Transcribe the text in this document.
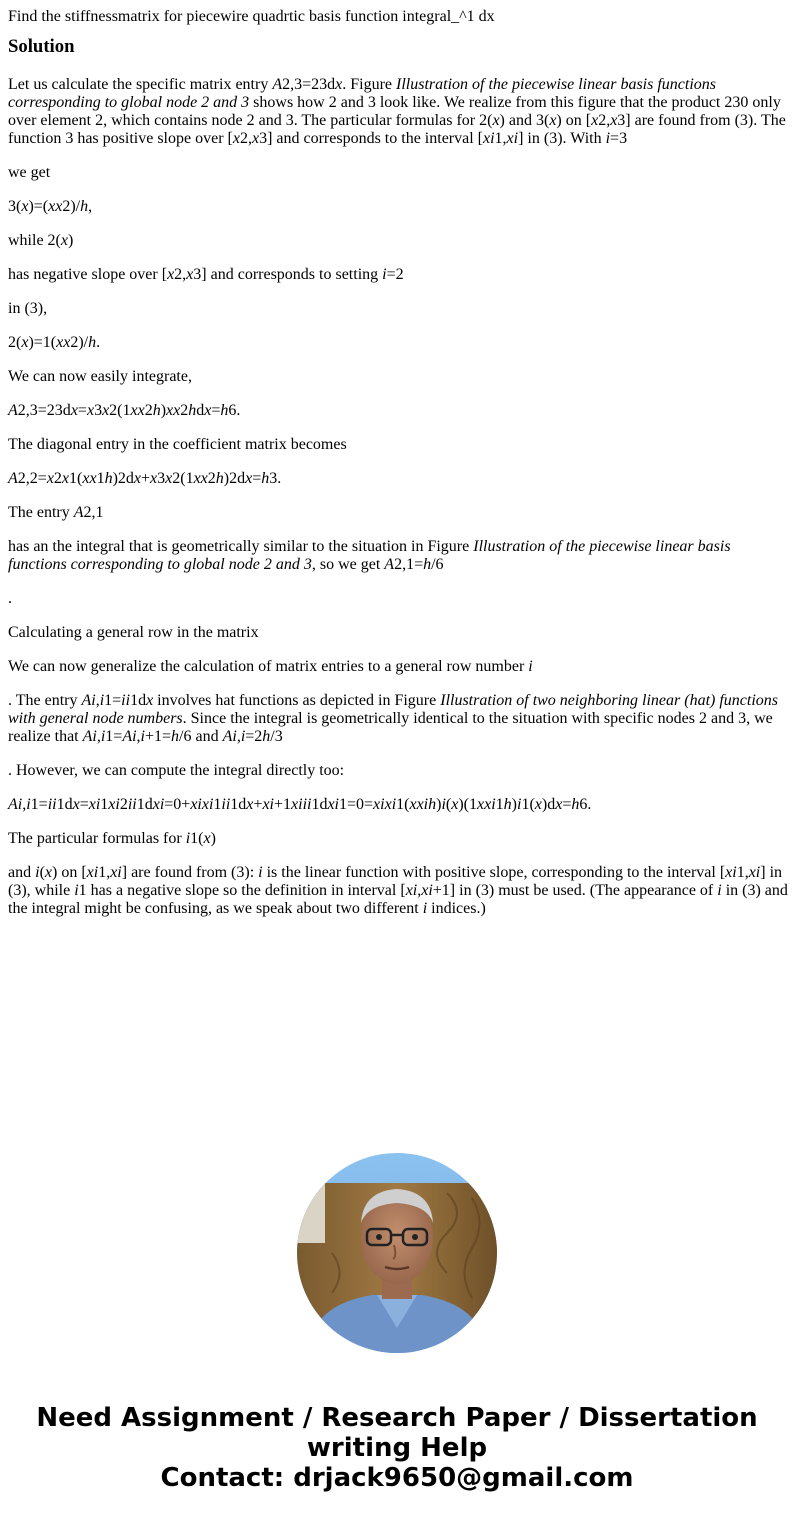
Find the stiffnessmatrix for piecewire quadrtic basis function integral_^1 dx
Solution

Let us calculate the specific matrix entry A2,3=23dx. Figure Illustration of the piecewise linear basis functions corresponding to global node 2 and 3 shows how 2 and 3 look like. We realize from this figure that the product 230 only over element 2, which contains node 2 and 3. The particular formulas for 2(x) and 3(x) on [x2,x3] are found from (3). The function 3 has positive slope over [x2,x3] and corresponds to the interval [xi1,xi] in (3). With i=3

we get

3(x)=(xx2)/h,

while 2(x)

has negative slope over [x2,x3] and corresponds to setting i=2

in (3),

2(x)=1(xx2)/h.

We can now easily integrate,

A2,3=23dx=x3x2(1xx2h)xx2hdx=h6.

The diagonal entry in the coefficient matrix becomes

A2,2=x2x1(xx1h)2dx+x3x2(1xx2h)2dx=h3.

The entry A2,1

has an the integral that is geometrically similar to the situation in Figure Illustration of the piecewise linear basis functions corresponding to global node 2 and 3, so we get A2,1=h/6

.

Calculating a general row in the matrix

We can now generalize the calculation of matrix entries to a general row number i

. The entry Ai,i1=ii1dx involves hat functions as depicted in Figure Illustration of two neighboring linear (hat) functions with general node numbers. Since the integral is geometrically identical to the situation with specific nodes 2 and 3, we realize that Ai,i1=Ai,i+1=h/6 and Ai,i=2h/3

. However, we can compute the integral directly too:

Ai,i1=ii1dx=xi1xi2ii1dxi=0+xixi1ii1dx+xi+1xiii1dxi1=0=xixi1(xxih)i(x)(1xxi1h)i1(x)dx=h6.

The particular formulas for i1(x)

and i(x) on [xi1,xi] are found from (3): i is the linear function with positive slope, corresponding to the interval [xi1,xi] in (3), while i1 has a negative slope so the definition in interval [xi,xi+1] in (3) must be used. (The appearance of i in (3) and the integral might be confusing, as we speak about two different i indices.)

Need Assignment / Research Paper / Dissertation writing Help
Contact: drjack9650@gmail.com
